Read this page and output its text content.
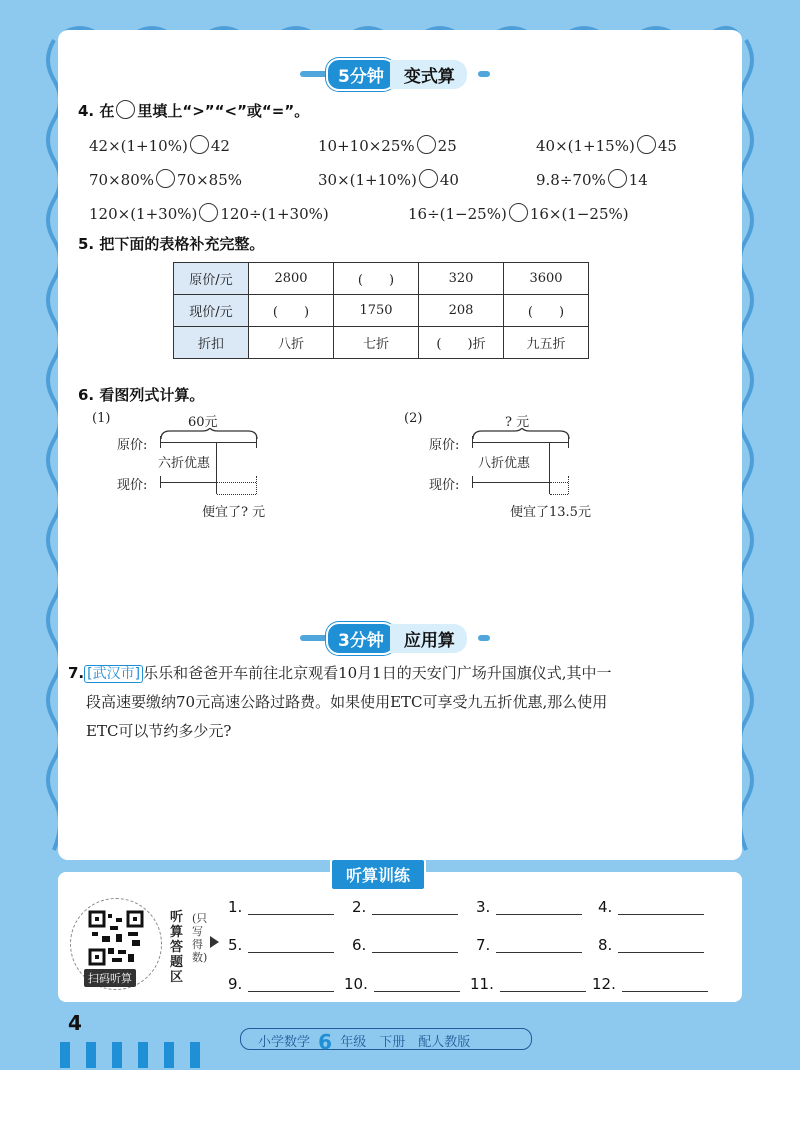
5分钟	变式算
4. 在 里填上“>”“<”或“=”。
42×(1+10%) 42	10+10×25% 25	40×(1+15%) 45
70×80% 70×85%	30×(1+10%) 40	9.8÷70% 14
120×(1+30%) 120÷(1+30%)	16÷(1−25%) 16×(1−25%)
5. 把下面的表格补充完整。
原价/元	2800	(　　)	320	3600
现价/元	(　　)	1750	208	(　　)
折扣	八折	七折	(　　)折	九五折
6. 看图列式计算。
(1)	60元
原价:
六折优惠
现价:
便宜了? 元
(2)	? 元
原价:
八折优惠
现价:
便宜了13.5元
3分钟	应用算
7. [武汉市] 乐乐和爸爸开车前往北京观看10月1日的天安门广场升国旗仪式,其中一
段高速要缴纳70元高速公路过路费。如果使用ETC可享受九五折优惠,那么使用
ETC可以节约多少元?
听算训练
扫码听算
听算答题区
(只写得数)
1.	2.	3.	4.
5.	6.	7.	8.
9.	10.	11.	12.
4
小学数学 6 年级　下册　配人教版
